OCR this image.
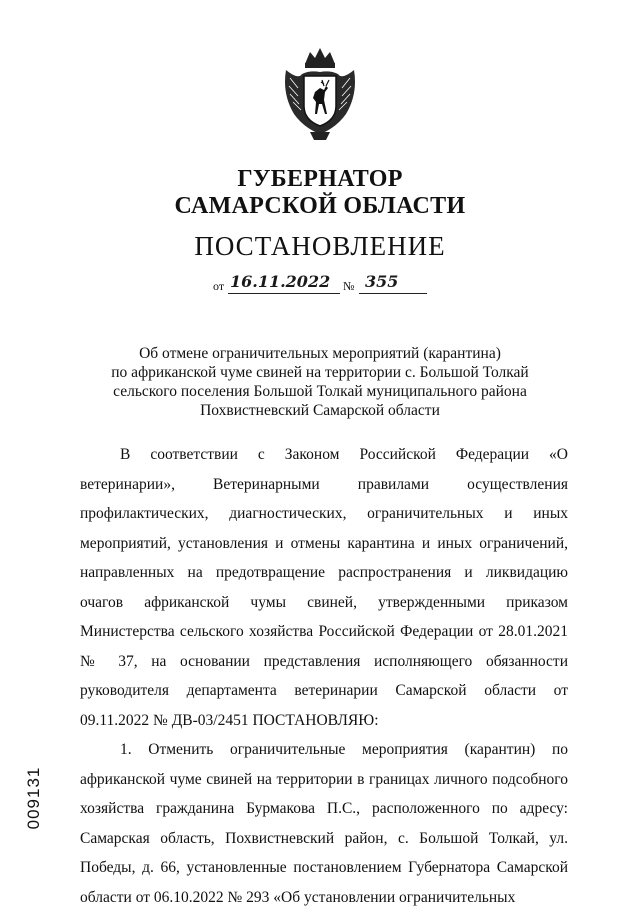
ГУБЕРНАТОР
САМАРСКОЙ ОБЛАСТИ
ПОСТАНОВЛЕНИЕ
от 16.11.2022 № 355
Об отмене ограничительных мероприятий (карантина)
по африканской чуме свиней на территории с. Большой Толкай
сельского поселения Большой Толкай муниципального района
Похвистневский Самарской области

В соответствии с Законом Российской Федерации «О ветеринарии», Ветеринарными правилами осуществления профилактических, диагностических, ограничительных и иных мероприятий, установления и отмены карантина и иных ограничений, направленных на предотвращение распространения и ликвидацию очагов африканской чумы свиней, утвержденными приказом Министерства сельского хозяйства Российской Федерации от 28.01.2021 № 37, на основании представления исполняющего обязанности руководителя департамента ветеринарии Самарской области от 09.11.2022 № ДВ-03/2451 ПОСТАНОВЛЯЮ:

1. Отменить ограничительные мероприятия (карантин) по африканской чуме свиней на территории в границах личного подсобного хозяйства гражданина Бурмакова П.С., расположенного по адресу: Самарская область, Похвистневский район, с. Большой Толкай, ул. Победы, д. 66, установленные постановлением Губернатора Самарской области от 06.10.2022 № 293 «Об установлении ограничительных

009131
